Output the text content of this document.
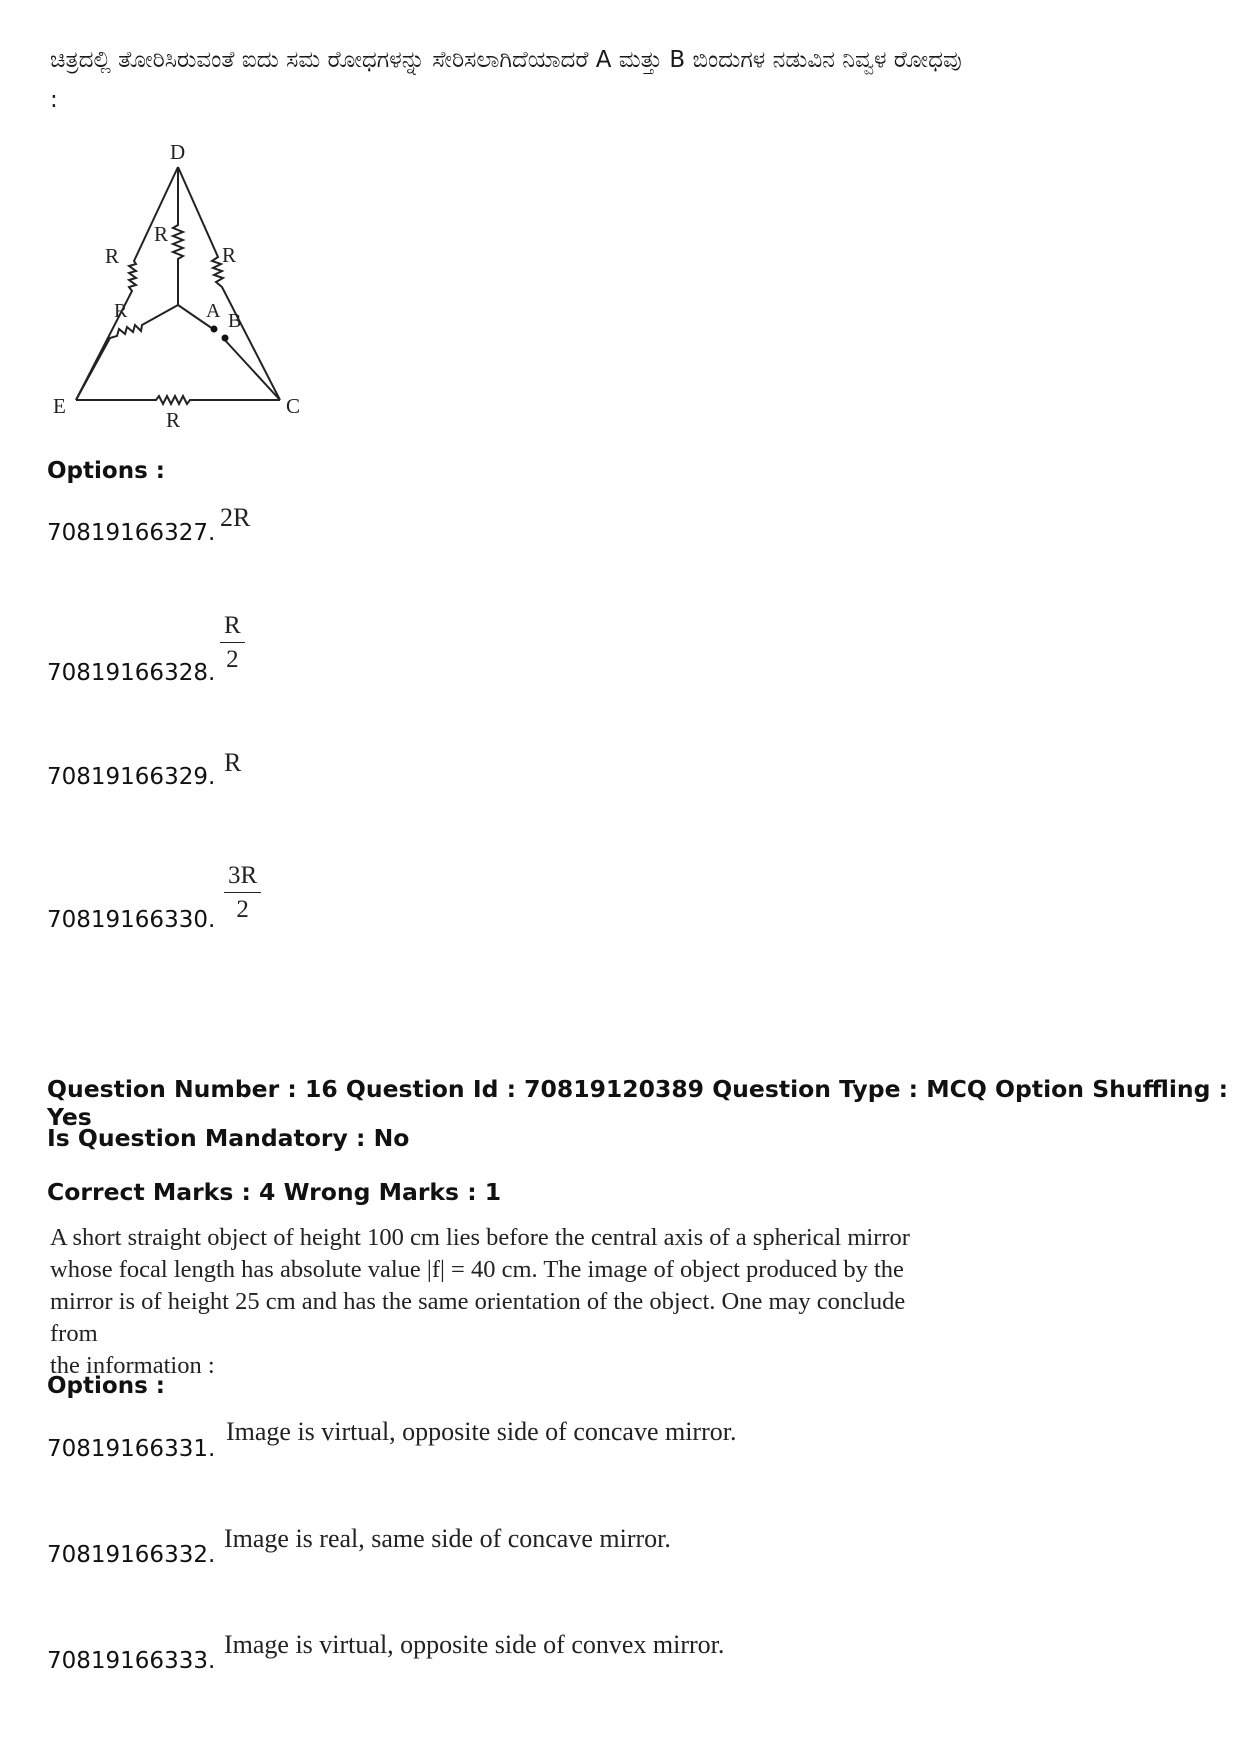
ಚಿತ್ರದಲ್ಲಿ ತೋರಿಸಿರುವಂತೆ ಐದು ಸಮ ರೋಧಗಳನ್ನು ಸೇರಿಸಲಾಗಿದೆಯಾದರೆ A ಮತ್ತು B ಬಿಂದುಗಳ ನಡುವಿನ ನಿವ್ವಳ ರೋಧವು :
D
E	C
A B
R
R
R
R
R
Options :
70819166327.
2R
70819166328. $\frac{R}{2}$
70819166329. R
70819166330. $\frac{3R}{2}$
Question Number : 16 Question Id : 70819120389 Question Type : MCQ Option Shuffling : Yes
Is Question Mandatory : No
Correct Marks : 4 Wrong Marks : 1
A short straight object of height 100 cm lies before the central axis of a spherical mirror
whose focal length has absolute value |f| = 40 cm. The image of object produced by the
mirror is of height 25 cm and has the same orientation of the object. One may conclude from
the information :
Options :
70819166331.
Image is virtual, opposite side of concave mirror.
70819166332.
Image is real, same side of concave mirror.
70819166333.
Image is virtual, opposite side of convex mirror.
